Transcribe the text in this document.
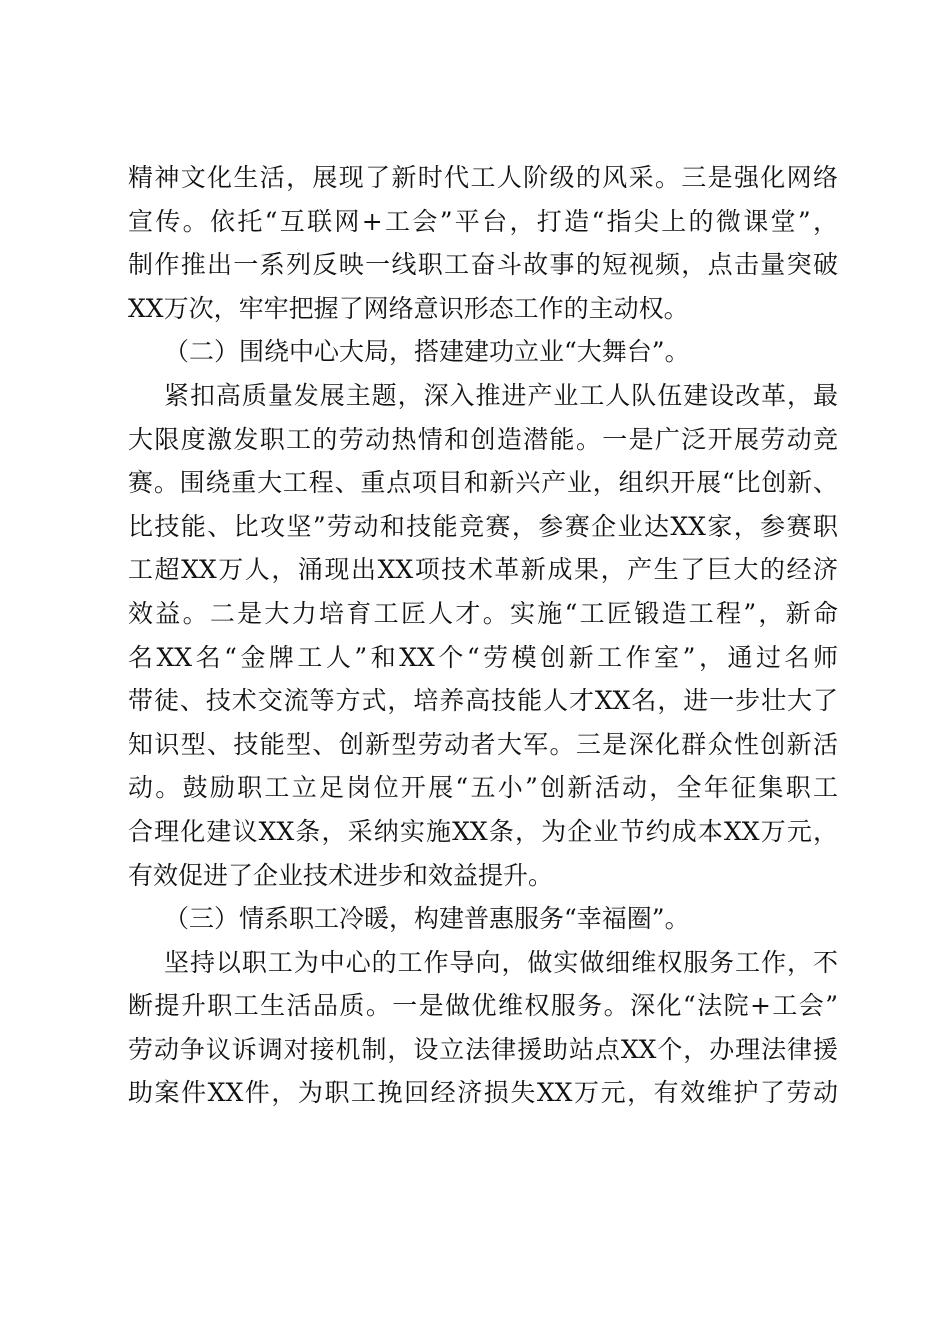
精神文化生活，展现了新时代工人阶级的风采。三是强化网络
宣传。依托“互联网+工会”平台，打造“指尖上的微课堂”，
制作推出一系列反映一线职工奋斗故事的短视频，点击量突破
XX万次，牢牢把握了网络意识形态工作的主动权。
（二）围绕中心大局，搭建建功立业“大舞台”。
紧扣高质量发展主题，深入推进产业工人队伍建设改革，最
大限度激发职工的劳动热情和创造潜能。一是广泛开展劳动竞
赛。围绕重大工程、重点项目和新兴产业，组织开展“比创新、
比技能、比攻坚”劳动和技能竞赛，参赛企业达XX家，参赛职
工超XX万人，涌现出XX项技术革新成果，产生了巨大的经济
效益。二是大力培育工匠人才。实施“工匠锻造工程”，新命
名XX名“金牌工人”和XX个“劳模创新工作室”，通过名师
带徒、技术交流等方式，培养高技能人才XX名，进一步壮大了
知识型、技能型、创新型劳动者大军。三是深化群众性创新活
动。鼓励职工立足岗位开展“五小”创新活动，全年征集职工
合理化建议XX条，采纳实施XX条，为企业节约成本XX万元，
有效促进了企业技术进步和效益提升。
（三）情系职工冷暖，构建普惠服务“幸福圈”。
坚持以职工为中心的工作导向，做实做细维权服务工作，不
断提升职工生活品质。一是做优维权服务。深化“法院+工会”
劳动争议诉调对接机制，设立法律援助站点XX个，办理法律援
助案件XX件，为职工挽回经济损失XX万元，有效维护了劳动
